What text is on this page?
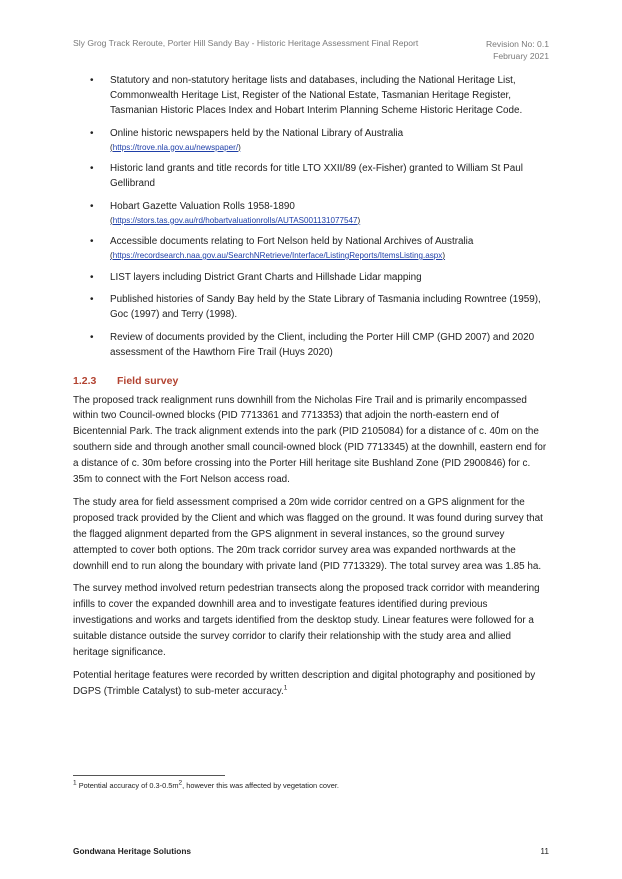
Sly Grog Track Reroute, Porter Hill Sandy Bay - Historic Heritage Assessment Final Report	Revision No: 0.1
February 2021
• Statutory and non-statutory heritage lists and databases, including the National Heritage List, Commonwealth Heritage List, Register of the National Estate, Tasmanian Heritage Register, Tasmanian Historic Places Index and Hobart Interim Planning Scheme Historic Heritage Code.
• Online historic newspapers held by the National Library of Australia
(https://trove.nla.gov.au/newspaper/)
• Historic land grants and title records for title LTO XXII/89 (ex-Fisher) granted to William St Paul Gellibrand
• Hobart Gazette Valuation Rolls 1958-1890
(https://stors.tas.gov.au/rd/hobartvaluationrolls/AUTAS001131077547)
• Accessible documents relating to Fort Nelson held by National Archives of Australia
(https://recordsearch.naa.gov.au/SearchNRetrieve/Interface/ListingReports/ItemsListing.aspx)
• LIST layers including District Grant Charts and Hillshade Lidar mapping
• Published histories of Sandy Bay held by the State Library of Tasmania including Rowntree (1959), Goc (1997) and Terry (1998).
• Review of documents provided by the Client, including the Porter Hill CMP (GHD 2007) and 2020 assessment of the Hawthorn Fire Trail (Huys 2020)
1.2.3 Field survey

The proposed track realignment runs downhill from the Nicholas Fire Trail and is primarily encompassed within two Council-owned blocks (PID 7713361 and 7713353) that adjoin the north-eastern end of Bicentennial Park. The track alignment extends into the park (PID 2105084) for a distance of c. 40m on the southern side and through another small council-owned block (PID 7713345) at the downhill, eastern end for a distance of c. 30m before crossing into the Porter Hill heritage site Bushland Zone (PID 2900846) for c. 35m to connect with the Fort Nelson access road.

The study area for field assessment comprised a 20m wide corridor centred on a GPS alignment for the proposed track provided by the Client and which was flagged on the ground. It was found during survey that the flagged alignment departed from the GPS alignment in several instances, so the ground survey attempted to cover both options. The 20m track corridor survey area was expanded northwards at the downhill end to run along the boundary with private land (PID 7713329). The total survey area was 1.85 ha.

The survey method involved return pedestrian transects along the proposed track corridor with meandering infills to cover the expanded downhill area and to investigate features identified during previous investigations and works and targets identified from the desktop study. Linear features were followed for a suitable distance outside the survey corridor to clarify their relationship with the study area and allied heritage significance.

Potential heritage features were recorded by written description and digital photography and positioned by DGPS (Trimble Catalyst) to sub-meter accuracy.$^1$

$^1$ Potential accuracy of $0.3-0.5m^2$, however this was affected by vegetation cover.
Gondwana Heritage Solutions	11
